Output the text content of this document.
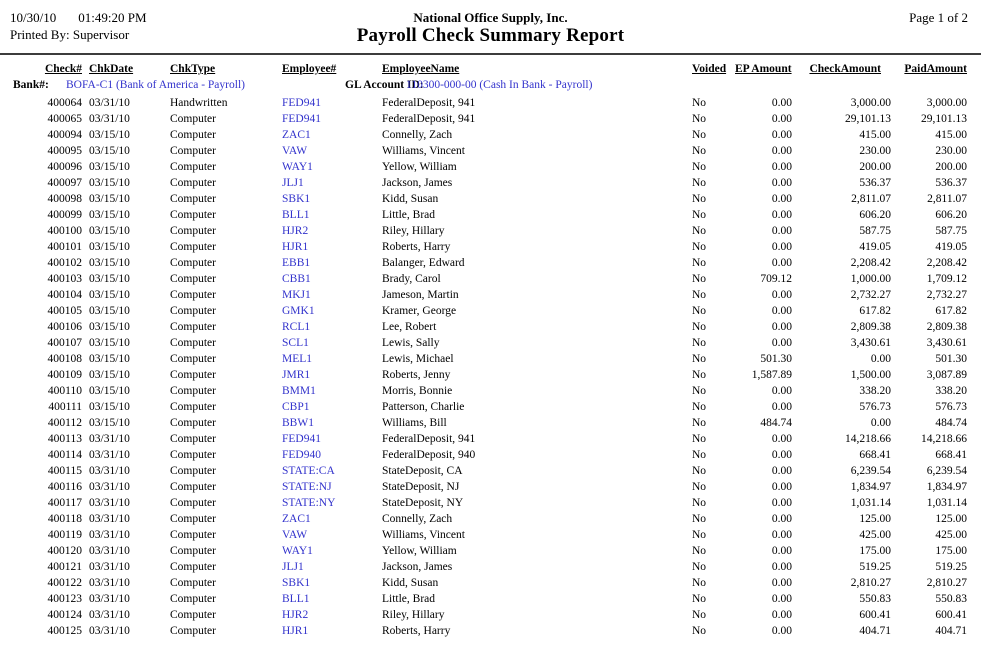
10/30/10 01:49:20 PM
Printed By: Supervisor
National Office Supply, Inc.
Payroll Check Summary Report
Page 1 of 2
Check# ChkDate	ChkType	Employee#	EmployeeName	Voided EP Amount	CheckAmount	PaidAmount
Bank#: BOFA-C1 (Bank of America - Payroll)	GL Account ID:
110300-000-00 (Cash In Bank - Payroll)
400064 03/31/10	Handwritten	FED941	FederalDeposit, 941	No	0.00	3,000.00	3,000.00
400065 03/31/10	Computer	FED941	FederalDeposit, 941	No	0.00	29,101.13	29,101.13
400094 03/15/10	Computer	ZAC1	Connelly, Zach	No	0.00	415.00	415.00
400095 03/15/10	Computer	VAW	Williams, Vincent	No	0.00	230.00	230.00
400096 03/15/10	Computer	WAY1	Yellow, William	No	0.00	200.00	200.00
400097 03/15/10	Computer	JLJ1	Jackson, James	No	0.00	536.37	536.37
400098 03/15/10	Computer	SBK1	Kidd, Susan	No	0.00	2,811.07	2,811.07
400099 03/15/10	Computer	BLL1	Little, Brad	No	0.00	606.20	606.20
400100 03/15/10	Computer	HJR2	Riley, Hillary	No	0.00	587.75	587.75
400101 03/15/10	Computer	HJR1	Roberts, Harry	No	0.00	419.05	419.05
400102 03/15/10	Computer	EBB1	Balanger, Edward	No	0.00	2,208.42	2,208.42
400103 03/15/10	Computer	CBB1	Brady, Carol	No	709.12	1,000.00	1,709.12
400104 03/15/10	Computer	MKJ1	Jameson, Martin	No	0.00	2,732.27	2,732.27
400105 03/15/10	Computer	GMK1	Kramer, George	No	0.00	617.82	617.82
400106 03/15/10	Computer	RCL1	Lee, Robert	No	0.00	2,809.38	2,809.38
400107 03/15/10	Computer	SCL1	Lewis, Sally	No	0.00	3,430.61	3,430.61
400108 03/15/10	Computer	MEL1	Lewis, Michael	No	501.30	0.00	501.30
400109 03/15/10	Computer	JMR1	Roberts, Jenny	No	1,587.89	1,500.00	3,087.89
400110 03/15/10	Computer	BMM1	Morris, Bonnie	No	0.00	338.20	338.20
400111 03/15/10	Computer	CBP1	Patterson, Charlie	No	0.00	576.73	576.73
400112 03/15/10	Computer	BBW1	Williams, Bill	No	484.74	0.00	484.74
400113 03/31/10	Computer	FED941	FederalDeposit, 941	No	0.00	14,218.66	14,218.66
400114 03/31/10	Computer	FED940	FederalDeposit, 940	No	0.00	668.41	668.41
400115 03/31/10	Computer	STATE:CA	StateDeposit, CA	No	0.00	6,239.54	6,239.54
400116 03/31/10	Computer	STATE:NJ	StateDeposit, NJ	No	0.00	1,834.97	1,834.97
400117 03/31/10	Computer	STATE:NY	StateDeposit, NY	No	0.00	1,031.14	1,031.14
400118 03/31/10	Computer	ZAC1	Connelly, Zach	No	0.00	125.00	125.00
400119 03/31/10	Computer	VAW	Williams, Vincent	No	0.00	425.00	425.00
400120 03/31/10	Computer	WAY1	Yellow, William	No	0.00	175.00	175.00
400121 03/31/10	Computer	JLJ1	Jackson, James	No	0.00	519.25	519.25
400122 03/31/10	Computer	SBK1	Kidd, Susan	No	0.00	2,810.27	2,810.27
400123 03/31/10	Computer	BLL1	Little, Brad	No	0.00	550.83	550.83
400124 03/31/10	Computer	HJR2	Riley, Hillary	No	0.00	600.41	600.41
400125 03/31/10	Computer	HJR1	Roberts, Harry	No	0.00	404.71	404.71
